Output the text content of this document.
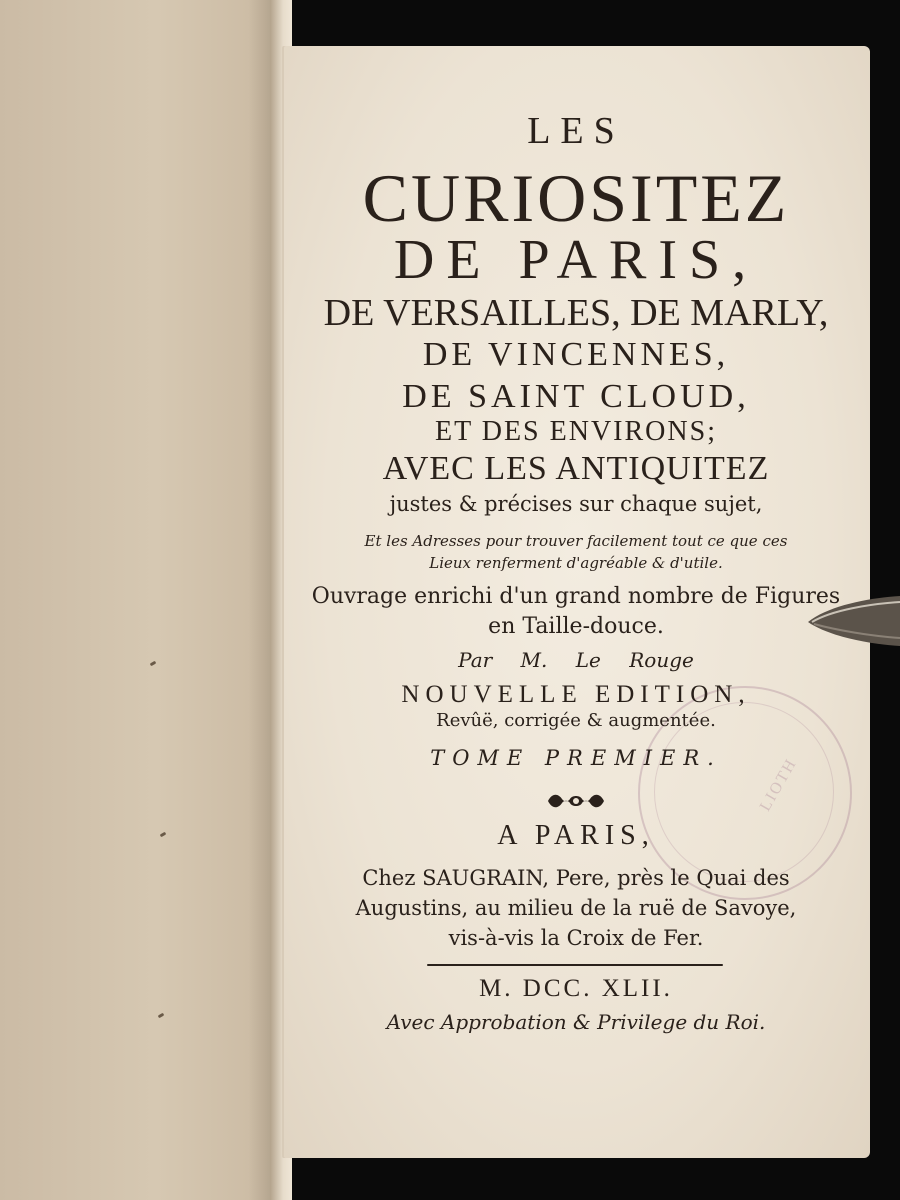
LIOTH
LES
CURIOSITEZ
DE PARIS,
DE VERSAILLES, DE MARLY,
DE VINCENNES,
DE SAINT CLOUD,
ET DES ENVIRONS;
AVEC LES ANTIQUITEZ
justes & précises sur chaque sujet,
Et les Adresses pour trouver facilement tout ce que ces
Lieux renferment d'agréable & d'utile.
Ouvrage enrichi d'un grand nombre de Figures
en Taille-douce.
Par M. Le Rouge
NOUVELLE EDITION,
Revûë, corrigée & augmentée.
TOME PREMIER.
A PARIS,
Chez SAUGRAIN, Pere, près le Quai des
Augustins, au milieu de la ruë de Savoye,
vis-à-vis la Croix de Fer.
M. DCC. XLII.
Avec Approbation & Privilege du Roi.
